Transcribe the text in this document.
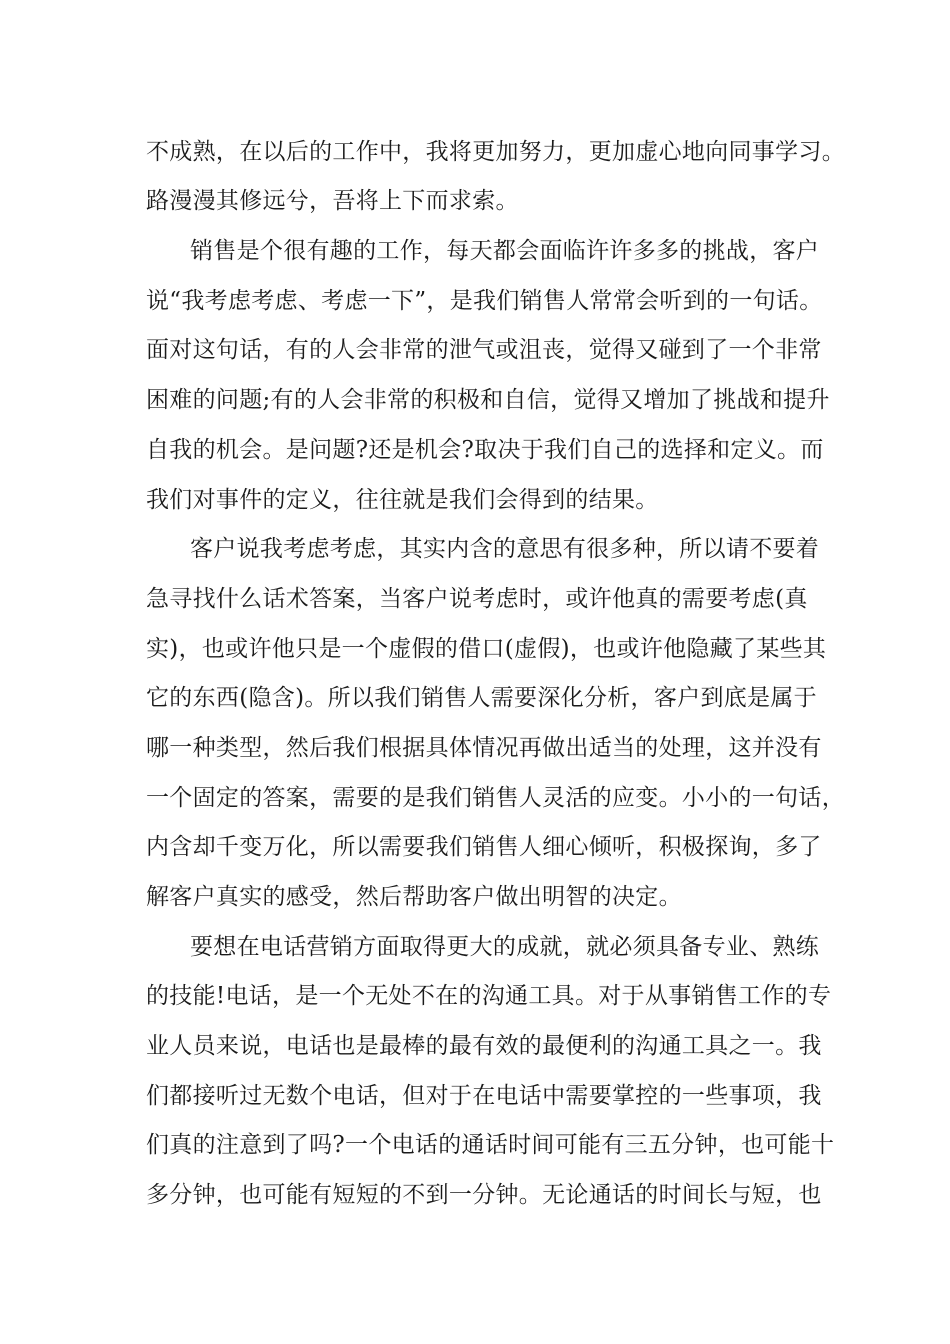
不成熟，在以后的工作中，我将更加努力，更加虚心地向同事学习。
路漫漫其修远兮，吾将上下而求索。
销售是个很有趣的工作，每天都会面临许许多多的挑战，客户
说“我考虑考虑、考虑一下”，是我们销售人常常会听到的一句话。
面对这句话，有的人会非常的泄气或沮丧，觉得又碰到了一个非常
困难的问题;有的人会非常的积极和自信，觉得又增加了挑战和提升
自我的机会。是问题?还是机会?取决于我们自己的选择和定义。而
我们对事件的定义，往往就是我们会得到的结果。
客户说我考虑考虑，其实内含的意思有很多种，所以请不要着
急寻找什么话术答案，当客户说考虑时，或许他真的需要考虑(真
实)，也或许他只是一个虚假的借口(虚假)，也或许他隐藏了某些其
它的东西(隐含)。所以我们销售人需要深化分析，客户到底是属于
哪一种类型，然后我们根据具体情况再做出适当的处理，这并没有
一个固定的答案，需要的是我们销售人灵活的应变。小小的一句话，
内含却千变万化，所以需要我们销售人细心倾听，积极探询，多了
解客户真实的感受，然后帮助客户做出明智的决定。
要想在电话营销方面取得更大的成就，就必须具备专业、熟练
的技能!电话，是一个无处不在的沟通工具。对于从事销售工作的专
业人员来说，电话也是最棒的最有效的最便利的沟通工具之一。我
们都接听过无数个电话，但对于在电话中需要掌控的一些事项，我
们真的注意到了吗?一个电话的通话时间可能有三五分钟，也可能十
多分钟，也可能有短短的不到一分钟。无论通话的时间长与短，也
